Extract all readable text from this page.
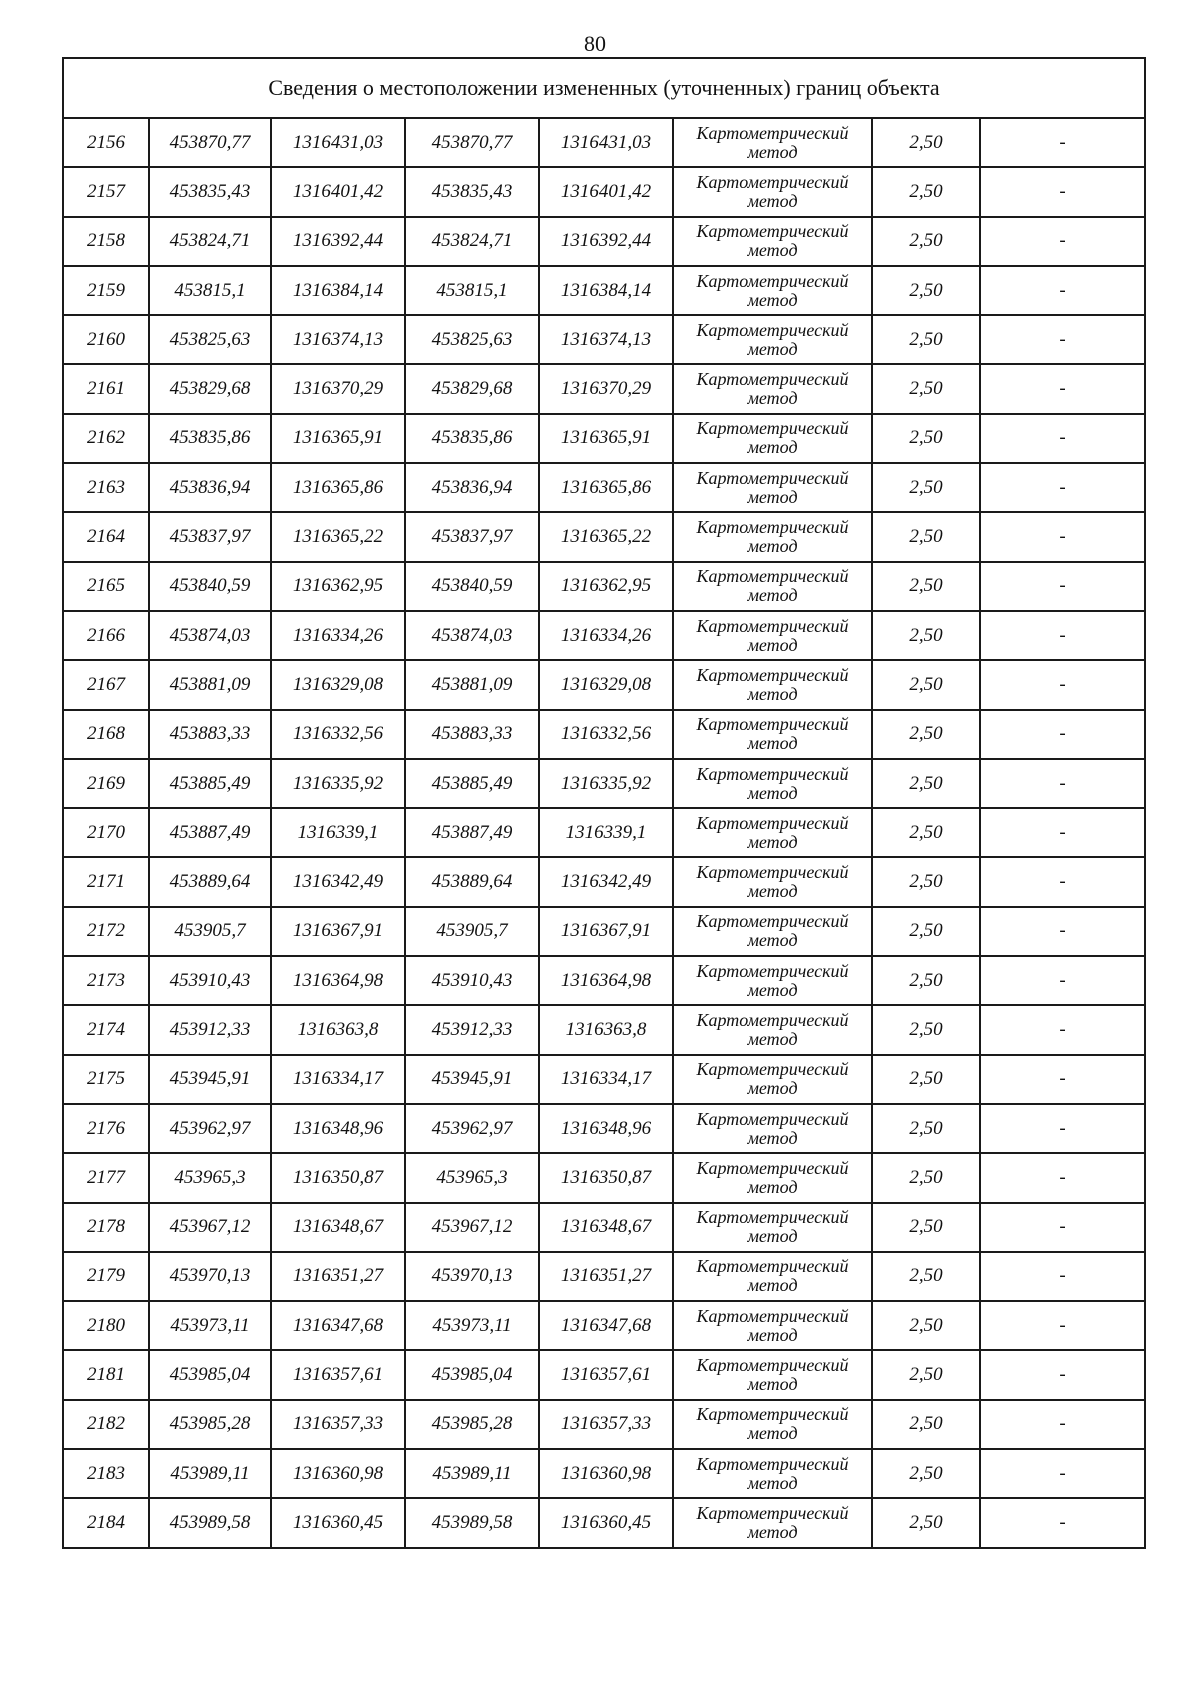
80
Сведения о местоположении измененных (уточненных) границ объекта							
2156	453870,77	1316431,03	453870,77	1316431,03	Картометрический метод	2,50	-
2157	453835,43	1316401,42	453835,43	1316401,42	Картометрический метод	2,50	-
2158	453824,71	1316392,44	453824,71	1316392,44	Картометрический метод	2,50	-
2159	453815,1	1316384,14	453815,1	1316384,14	Картометрический метод	2,50	-
2160	453825,63	1316374,13	453825,63	1316374,13	Картометрический метод	2,50	-
2161	453829,68	1316370,29	453829,68	1316370,29	Картометрический метод	2,50	-
2162	453835,86	1316365,91	453835,86	1316365,91	Картометрический метод	2,50	-
2163	453836,94	1316365,86	453836,94	1316365,86	Картометрический метод	2,50	-
2164	453837,97	1316365,22	453837,97	1316365,22	Картометрический метод	2,50	-
2165	453840,59	1316362,95	453840,59	1316362,95	Картометрический метод	2,50	-
2166	453874,03	1316334,26	453874,03	1316334,26	Картометрический метод	2,50	-
2167	453881,09	1316329,08	453881,09	1316329,08	Картометрический метод	2,50	-
2168	453883,33	1316332,56	453883,33	1316332,56	Картометрический метод	2,50	-
2169	453885,49	1316335,92	453885,49	1316335,92	Картометрический метод	2,50	-
2170	453887,49	1316339,1	453887,49	1316339,1	Картометрический метод	2,50	-
2171	453889,64	1316342,49	453889,64	1316342,49	Картометрический метод	2,50	-
2172	453905,7	1316367,91	453905,7	1316367,91	Картометрический метод	2,50	-
2173	453910,43	1316364,98	453910,43	1316364,98	Картометрический метод	2,50	-
2174	453912,33	1316363,8	453912,33	1316363,8	Картометрический метод	2,50	-
2175	453945,91	1316334,17	453945,91	1316334,17	Картометрический метод	2,50	-
2176	453962,97	1316348,96	453962,97	1316348,96	Картометрический метод	2,50	-
2177	453965,3	1316350,87	453965,3	1316350,87	Картометрический метод	2,50	-
2178	453967,12	1316348,67	453967,12	1316348,67	Картометрический метод	2,50	-
2179	453970,13	1316351,27	453970,13	1316351,27	Картометрический метод	2,50	-
2180	453973,11	1316347,68	453973,11	1316347,68	Картометрический метод	2,50	-
2181	453985,04	1316357,61	453985,04	1316357,61	Картометрический метод	2,50	-
2182	453985,28	1316357,33	453985,28	1316357,33	Картометрический метод	2,50	-
2183	453989,11	1316360,98	453989,11	1316360,98	Картометрический метод	2,50	-
2184	453989,58	1316360,45	453989,58	1316360,45	Картометрический метод	2,50	-
